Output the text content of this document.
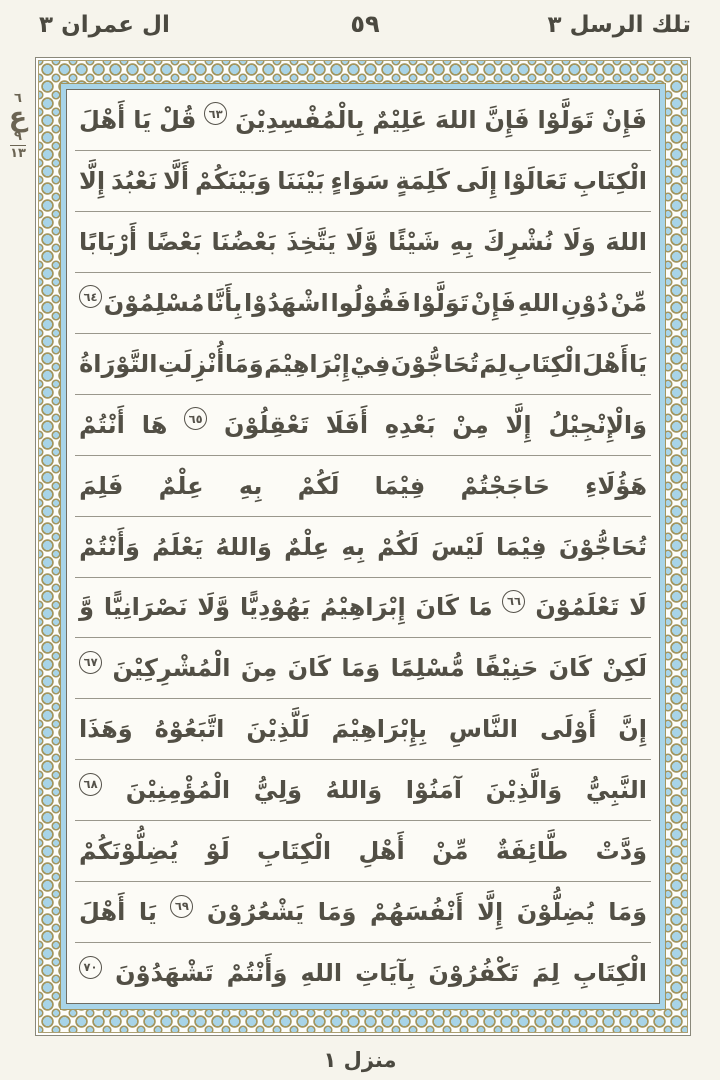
تلك الرسل ٣
٥٩
ال عمران ٣
٦
ع
٩
١٣
فَإِنْ
تَوَلَّوْا
فَإِنَّ
اللهَ
عَلِيْمٌ
بِالْمُفْسِدِيْنَ
٦٣
قُلْ
يَا
أَهْلَ
الْكِتَابِ
تَعَالَوْا
إِلَى
كَلِمَةٍ
سَوَاءٍ
بَيْنَنَا
وَبَيْنَكُمْ
أَلَّا
نَعْبُدَ
إِلَّا
اللهَ
وَلَا
نُشْرِكَ
بِهِ
شَيْئًا
وَّلَا
يَتَّخِذَ
بَعْضُنَا
بَعْضًا
أَرْبَابًا
مِّنْ
دُوْنِ
اللهِ
فَإِنْ
تَوَلَّوْا
فَقُوْلُوا
اشْهَدُوْا
بِأَنَّا
مُسْلِمُوْنَ
٦٤
يَا
أَهْلَ
الْكِتَابِ
لِمَ
تُحَاجُّوْنَ
فِيْ
إِبْرَاهِيْمَ
وَمَا
أُنْزِلَتِ
التَّوْرَاةُ
وَالْإِنْجِيْلُ
إِلَّا
مِنْ
بَعْدِهِ
أَفَلَا
تَعْقِلُوْنَ
٦٥
هَا
أَنْتُمْ
هَؤُلَاءِ
حَاجَجْتُمْ
فِيْمَا
لَكُمْ
بِهِ
عِلْمٌ
فَلِمَ
تُحَاجُّوْنَ
فِيْمَا
لَيْسَ
لَكُمْ
بِهِ
عِلْمٌ
وَاللهُ
يَعْلَمُ
وَأَنْتُمْ
لَا
تَعْلَمُوْنَ
٦٦
مَا
كَانَ
إِبْرَاهِيْمُ
يَهُوْدِيًّا
وَّلَا
نَصْرَانِيًّا
وَّ
لَكِنْ
كَانَ
حَنِيْفًا
مُّسْلِمًا
وَمَا
كَانَ
مِنَ
الْمُشْرِكِيْنَ
٦٧
إِنَّ
أَوْلَى
النَّاسِ
بِإِبْرَاهِيْمَ
لَلَّذِيْنَ
اتَّبَعُوْهُ
وَهَذَا
النَّبِيُّ
وَالَّذِيْنَ
آمَنُوْا
وَاللهُ
وَلِيُّ
الْمُؤْمِنِيْنَ
٦٨
وَدَّتْ
طَّائِفَةٌ
مِّنْ
أَهْلِ
الْكِتَابِ
لَوْ
يُضِلُّوْنَكُمْ
وَمَا
يُضِلُّوْنَ
إِلَّا
أَنْفُسَهُمْ
وَمَا
يَشْعُرُوْنَ
٦٩
يَا
أَهْلَ
الْكِتَابِ
لِمَ
تَكْفُرُوْنَ
بِآيَاتِ
اللهِ
وَأَنْتُمْ
تَشْهَدُوْنَ
٧٠
منزل ١
